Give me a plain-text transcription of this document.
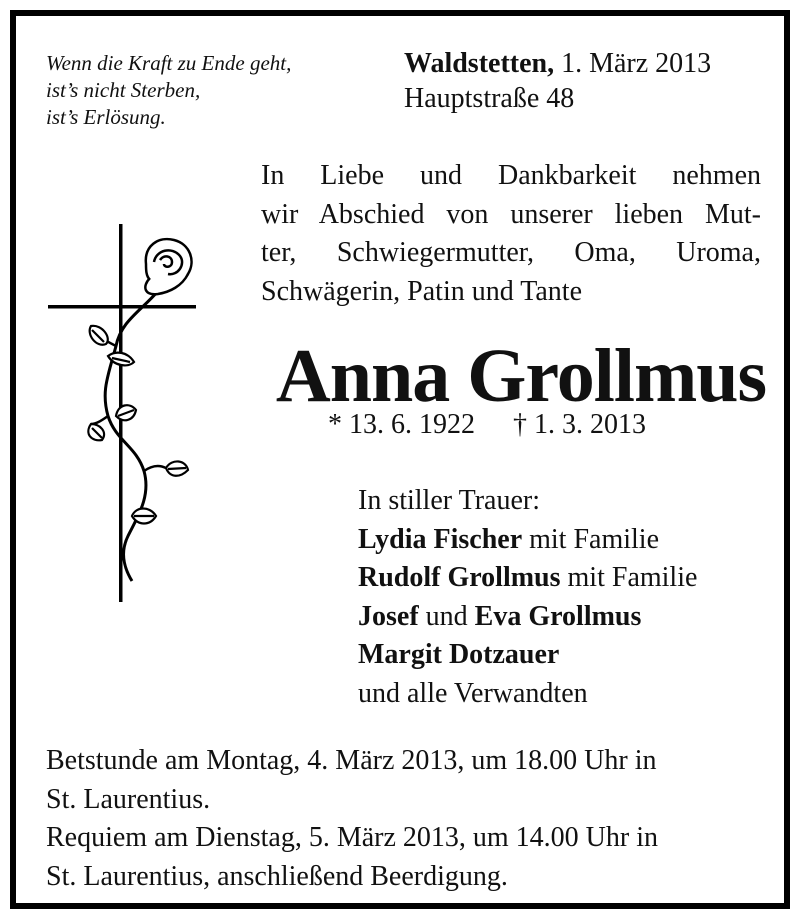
Wenn die Kraft zu Ende geht,
ist’s nicht Sterben,
ist’s Erlösung.
Waldstetten, 1. März 2013
Hauptstraße 48
In Liebe und Dankbarkeit nehmen
wir Abschied von unserer lieben Mut-
ter, Schwiegermutter, Oma, Uroma,
Schwägerin, Patin und Tante
Anna Grollmus
* 13. 6. 1922 † 1. 3. 2013
In stiller Trauer:
Lydia Fischer mit Familie
Rudolf Grollmus mit Familie
Josef und Eva Grollmus
Margit Dotzauer
und alle Verwandten
Betstunde am Montag, 4. März 2013, um 18.00 Uhr in
St. Laurentius.
Requiem am Dienstag, 5. März 2013, um 14.00 Uhr in
St. Laurentius, anschließend Beerdigung.
